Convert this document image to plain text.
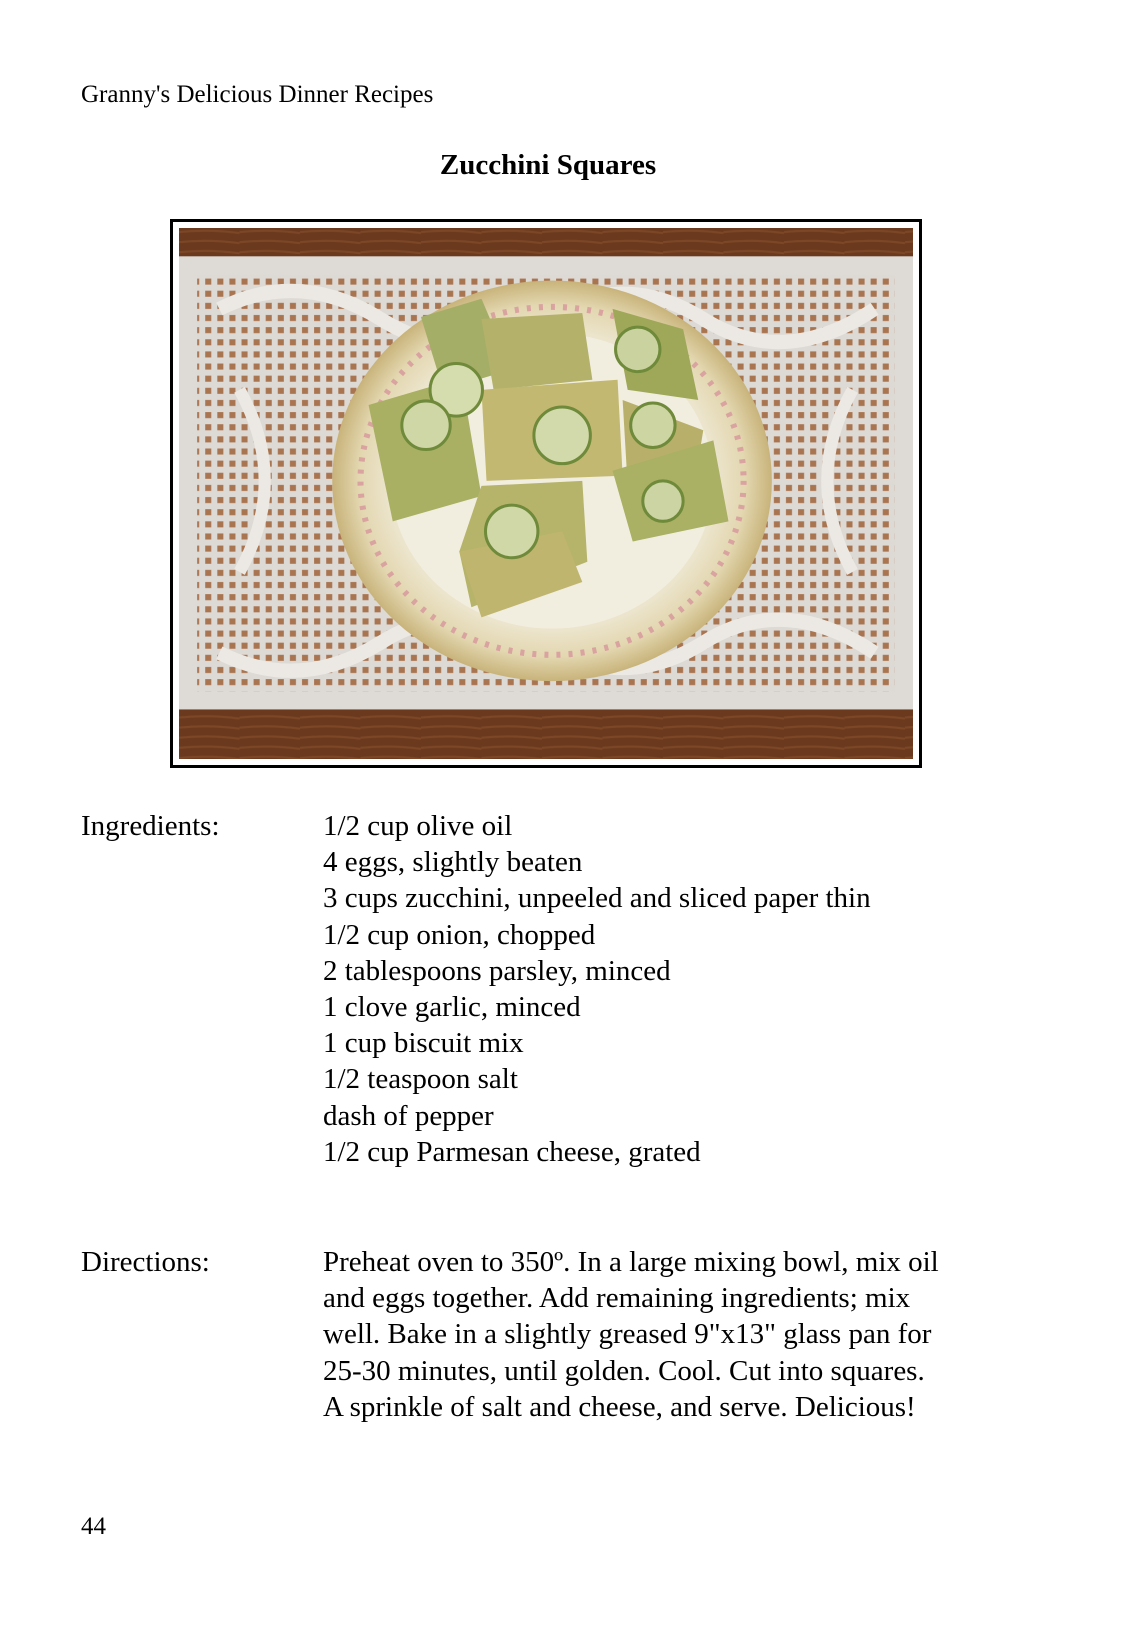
Granny's Delicious Dinner Recipes
Zucchini Squares
Ingredients:	1/2 cup olive oil
4 eggs, slightly beaten
3 cups zucchini, unpeeled and sliced paper thin
1/2 cup onion, chopped
2 tablespoons parsley, minced
1 clove garlic, minced
1 cup biscuit mix
1/2 teaspoon salt
dash of pepper
1/2 cup Parmesan cheese, grated
Directions:	Preheat oven to 350º. In a large mixing bowl, mix oil
and eggs together. Add remaining ingredients; mix
well. Bake in a slightly greased 9"x13" glass pan for
25-30 minutes, until golden. Cool. Cut into squares.
A sprinkle of salt and cheese, and serve. Delicious!
44
